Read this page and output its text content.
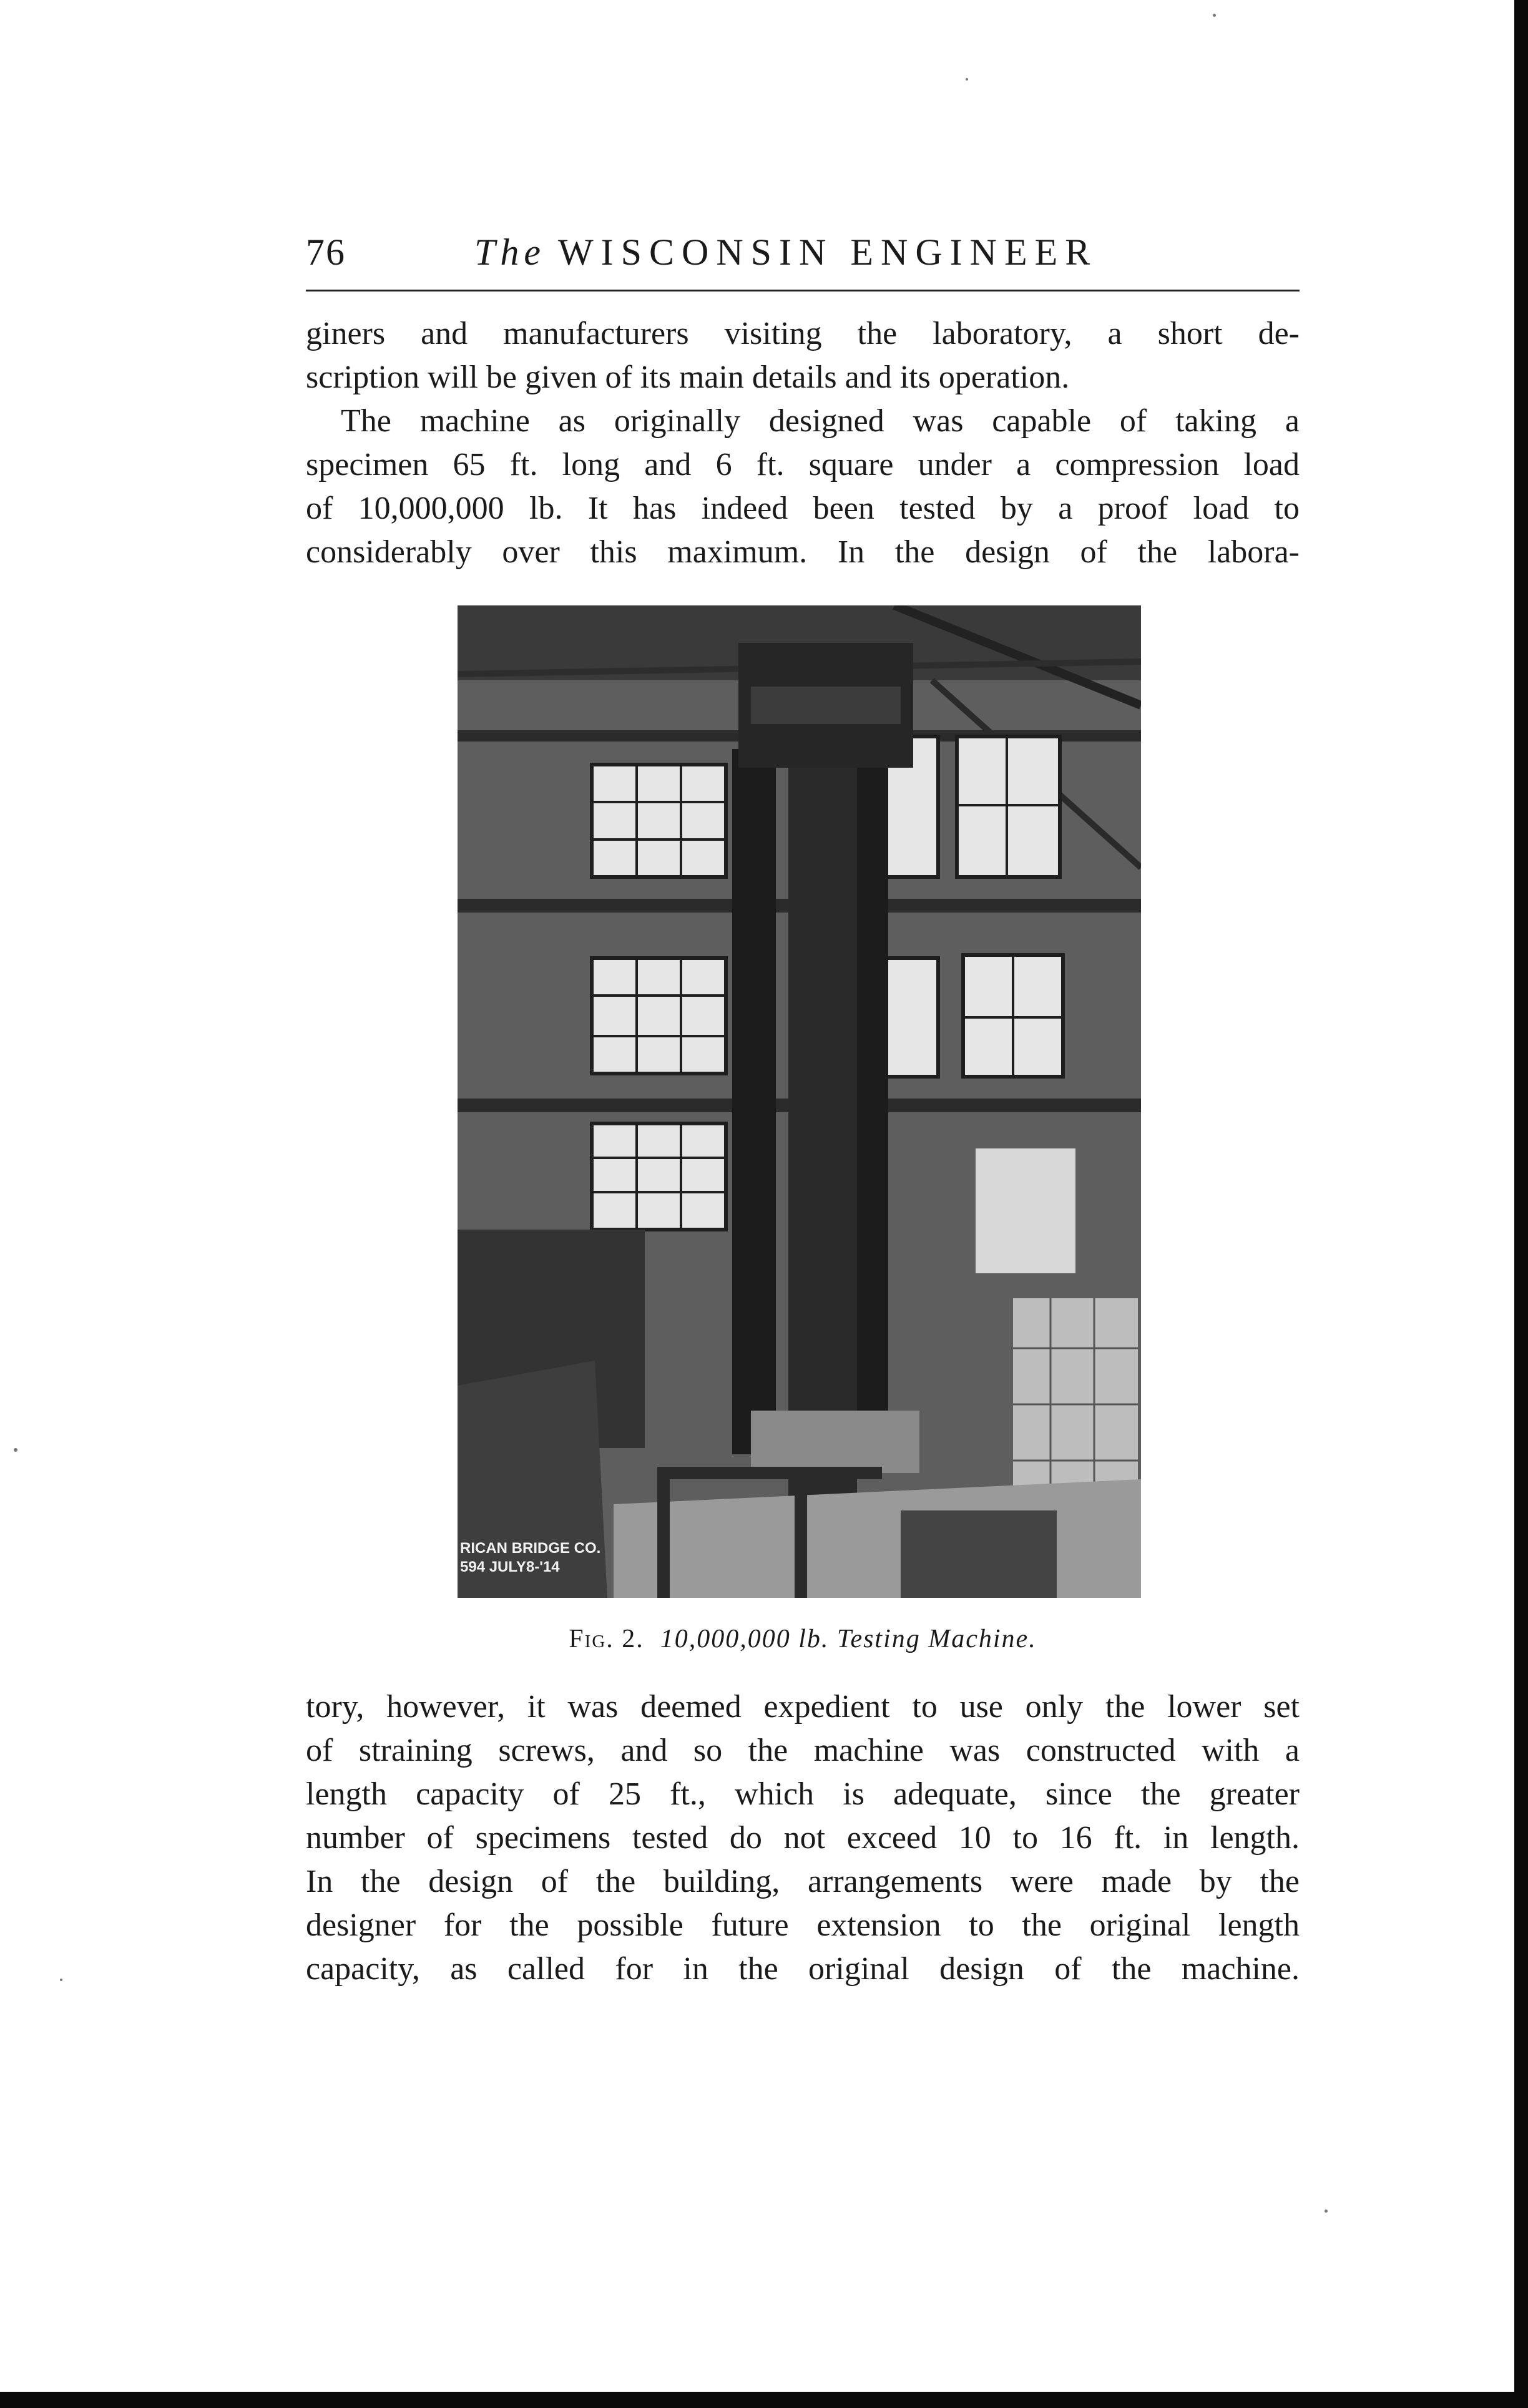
76	The WISCONSIN ENGINEER
giners and manufacturers visiting the laboratory, a short de-
scription will be given of its main details and its operation.
The machine as originally designed was capable of taking a
specimen 65 ft. long and 6 ft. square under a compression load
of 10,000,000 lb. It has indeed been tested by a proof load to
considerably over this maximum. In the design of the labora-
RICAN BRIDGE CO.
594 JULY8-'14
Fig. 2. 10,000,000 lb. Testing Machine.
tory, however, it was deemed expedient to use only the lower set
of straining screws, and so the machine was constructed with a
length capacity of 25 ft., which is adequate, since the greater
number of specimens tested do not exceed 10 to 16 ft. in length.
In the design of the building, arrangements were made by the
designer for the possible future extension to the original length
capacity, as called for in the original design of the machine.
